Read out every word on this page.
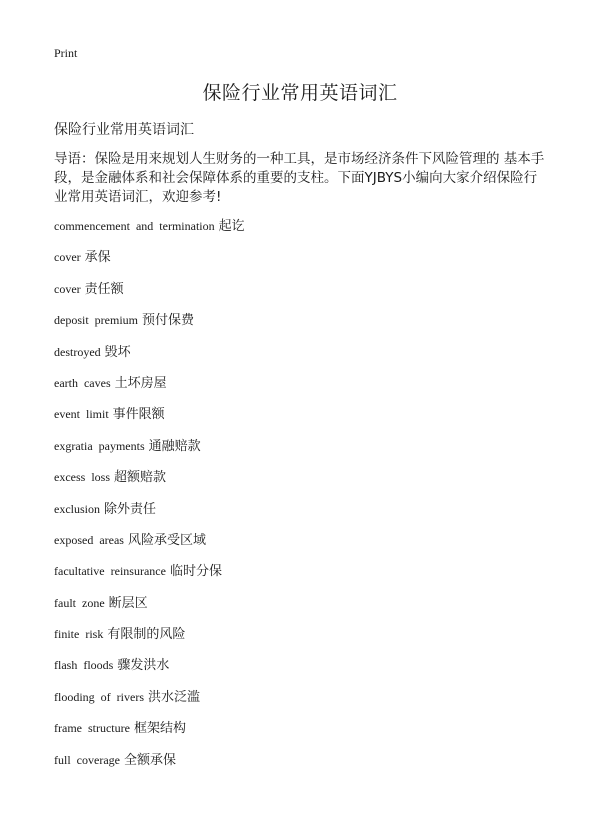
Print
保险行业常用英语词汇
保险行业常用英语词汇
导语：保险是用来规划人生财务的一种工具，是市场经济条件下风险管理的 基本手段，是金融体系和社会保障体系的重要的支柱。下面YJBYS小编向大家介绍保险行业常用英语词汇，欢迎参考!
commencement and termination 起讫
cover 承保
cover 责任额
deposit premium 预付保费
destroyed 毁坏
earth caves 土坏房屋
event limit 事件限额
exgratia payments 通融赔款
excess loss 超额赔款
exclusion 除外责任
exposed areas 风险承受区域
facultative reinsurance 临时分保
fault zone 断层区
finite risk 有限制的风险
flash floods 骤发洪水
flooding of rivers 洪水泛滥
frame structure 框架结构
full coverage 全额承保
